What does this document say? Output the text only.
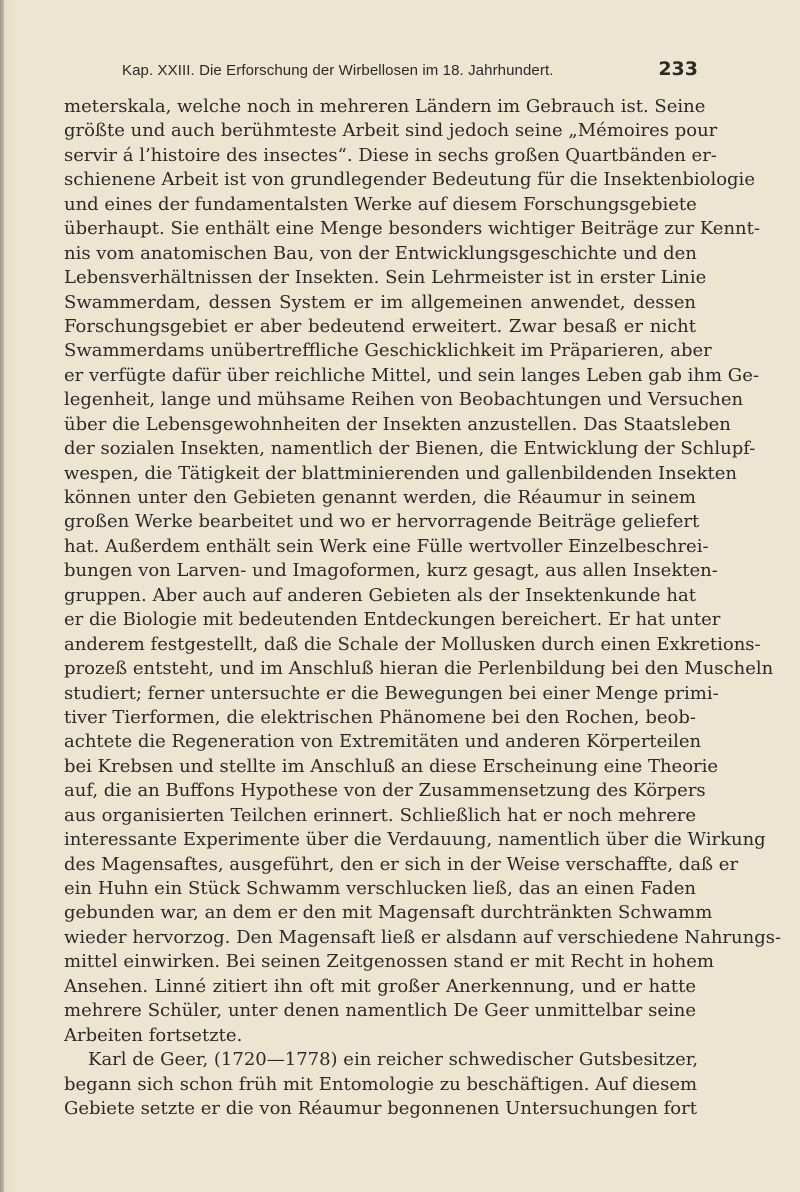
Kap. XXIII. Die Erforschung der Wirbellosen im 18. Jahrhundert.	233
meterskala, welche noch in mehreren Ländern im Gebrauch ist. Seine
größte und auch berühmteste Arbeit sind jedoch seine „Mémoires pour
servir á l’histoire des insectes“. Diese in sechs großen Quartbänden er-
schienene Arbeit ist von grundlegender Bedeutung für die Insektenbiologie
und eines der fundamentalsten Werke auf diesem Forschungsgebiete
überhaupt. Sie enthält eine Menge besonders wichtiger Beiträge zur Kennt-
nis vom anatomischen Bau, von der Entwicklungsgeschichte und den
Lebensverhältnissen der Insekten. Sein Lehrmeister ist in erster Linie
Swammerdam, dessen System er im allgemeinen anwendet, dessen
Forschungsgebiet er aber bedeutend erweitert. Zwar besaß er nicht
Swammerdams unübertreffliche Geschicklichkeit im Präparieren, aber
er verfügte dafür über reichliche Mittel, und sein langes Leben gab ihm Ge-
legenheit, lange und mühsame Reihen von Beobachtungen und Versuchen
über die Lebensgewohnheiten der Insekten anzustellen. Das Staatsleben
der sozialen Insekten, namentlich der Bienen, die Entwicklung der Schlupf-
wespen, die Tätigkeit der blattminierenden und gallenbildenden Insekten
können unter den Gebieten genannt werden, die Réaumur in seinem
großen Werke bearbeitet und wo er hervorragende Beiträge geliefert
hat. Außerdem enthält sein Werk eine Fülle wertvoller Einzelbeschrei-
bungen von Larven- und Imagoformen, kurz gesagt, aus allen Insekten-
gruppen. Aber auch auf anderen Gebieten als der Insektenkunde hat
er die Biologie mit bedeutenden Entdeckungen bereichert. Er hat unter
anderem festgestellt, daß die Schale der Mollusken durch einen Exkretions-
prozeß entsteht, und im Anschluß hieran die Perlenbildung bei den Muscheln
studiert; ferner untersuchte er die Bewegungen bei einer Menge primi-
tiver Tierformen, die elektrischen Phänomene bei den Rochen, beob-
achtete die Regeneration von Extremitäten und anderen Körperteilen
bei Krebsen und stellte im Anschluß an diese Erscheinung eine Theorie
auf, die an Buffons Hypothese von der Zusammensetzung des Körpers
aus organisierten Teilchen erinnert. Schließlich hat er noch mehrere
interessante Experimente über die Verdauung, namentlich über die Wirkung
des Magensaftes, ausgeführt, den er sich in der Weise verschaffte, daß er
ein Huhn ein Stück Schwamm verschlucken ließ, das an einen Faden
gebunden war, an dem er den mit Magensaft durchtränkten Schwamm
wieder hervorzog. Den Magensaft ließ er alsdann auf verschiedene Nahrungs-
mittel einwirken. Bei seinen Zeitgenossen stand er mit Recht in hohem
Ansehen. Linné zitiert ihn oft mit großer Anerkennung, und er hatte
mehrere Schüler, unter denen namentlich De Geer unmittelbar seine
Arbeiten fortsetzte.
Karl de Geer, (1720—1778) ein reicher schwedischer Gutsbesitzer,
begann sich schon früh mit Entomologie zu beschäftigen. Auf diesem
Gebiete setzte er die von Réaumur begonnenen Untersuchungen fort
